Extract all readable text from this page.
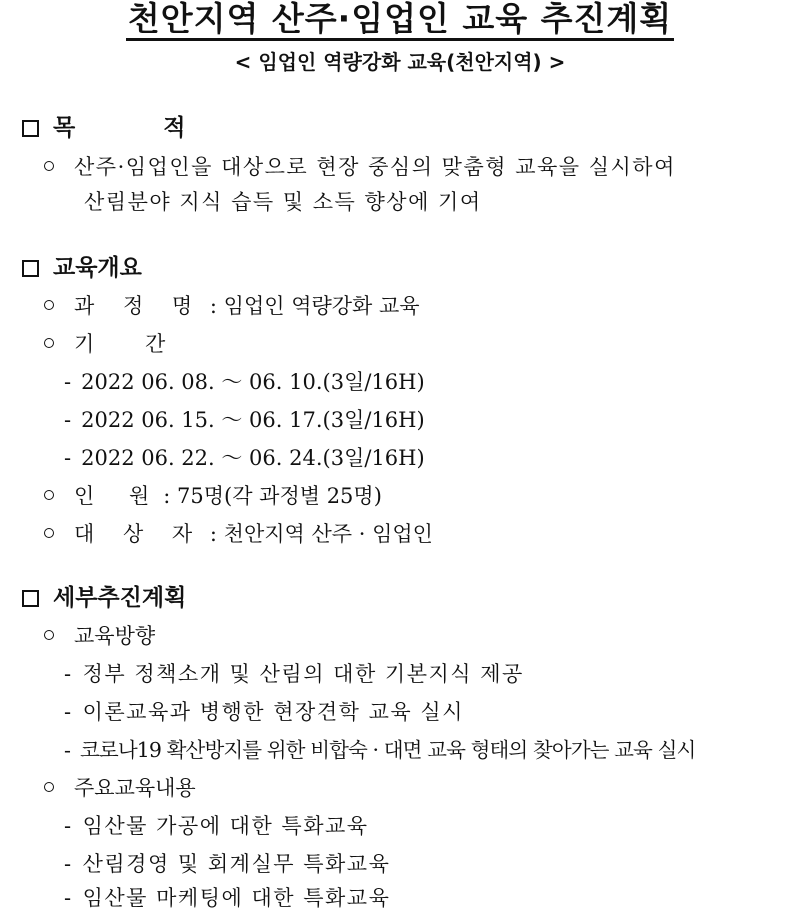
천안지역 산주·임업인 교육 추진계획
< 임업인 역량강화 교육(천안지역) >
목 적
산주·임업인을 대상으로 현장 중심의 맞춤형 교육을 실시하여
산림분야 지식 습득 및 소득 향상에 기여
교육개요
과 정 명 : 임업인 역량강화 교육
기 간
- 2022 06. 08. ～ 06. 10.(3일/16H)
- 2022 06. 15. ～ 06. 17.(3일/16H)
- 2022 06. 22. ～ 06. 24.(3일/16H)
인 원: 75명(각 과정별 25명)
대 상 자 : 천안지역 산주 · 임업인
세부추진계획
교육방향
- 정부 정책소개 및 산림의 대한 기본지식 제공
- 이론교육과 병행한 현장견학 교육 실시
- 코로나19 확산방지를 위한 비합숙 · 대면 교육 형태의 찾아가는 교육 실시
주요교육내용
- 임산물 가공에 대한 특화교육
- 산림경영 및 회계실무 특화교육
- 임산물 마케팅에 대한 특화교육
